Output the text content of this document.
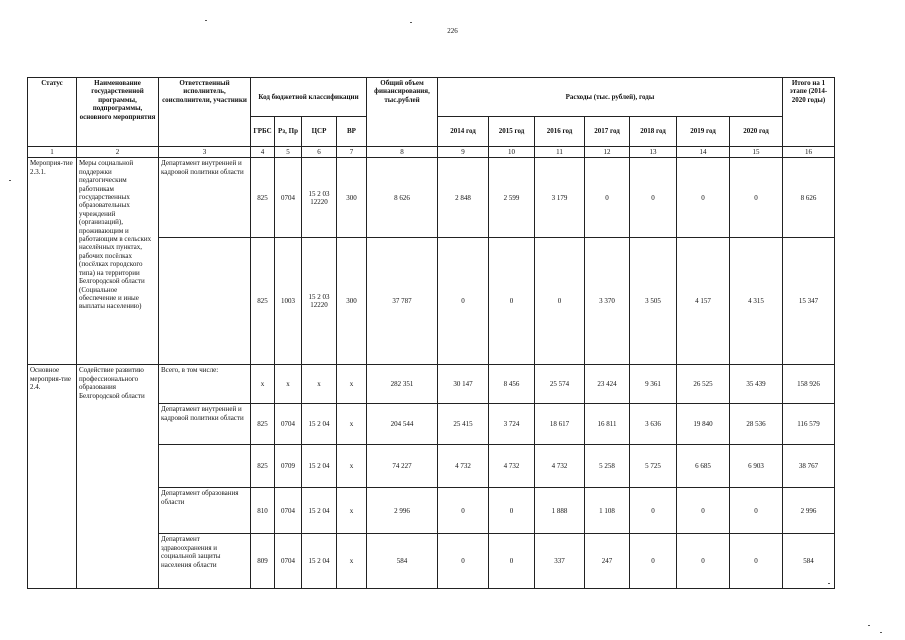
226
Статус	Наименование государственной программы, подпрограммы, основного мероприятия	Ответственный исполнитель, соисполнители, участники	Код бюджетной классификации				Общий объем финансирования, тыс.рублей	Расходы (тыс. рублей), годы							Итого на 1 этапе (2014-2020 годы)
			ГРБС	Рз, Пр	ЦСР	ВР		2014 год	2015 год	2016 год	2017 год	2018 год	2019 год	2020 год	
1	2	3	4	5	6	7	8	9	10	11	12	13	14	15	16
Мероприя-тие 2.3.1.	Меры социальной поддержки педагогическим работникам государственных образовательных учреждений (организаций), проживающим и работающим в сельских населённых пунктах, рабочих посёлках (посёлках городского типа) на территории Белгородской области (Социальное обеспечение и иные выплаты населению)	Департамент внутренней и кадровой политики области	825	0704	15 2 03 12220	300	8 626	2 848	2 599	3 179	0	0	0	0	8 626
			825	1003	15 2 03 12220	300	37 787	0	0	0	3 370	3 505	4 157	4 315	15 347
Основное мероприя-тие 2.4.	Содействие развитию профессионального образования Белгородской области	Всего, в том числе:	x	x	x	x	282 351	30 147	8 456	25 574	23 424	9 361	26 525	35 439	158 926
		Департамент внутренней и кадровой политики области	825	0704	15 2 04	x	204 544	25 415	3 724	18 617	16 811	3 636	19 840	28 536	116 579
			825	0709	15 2 04	x	74 227	4 732	4 732	4 732	5 258	5 725	6 685	6 903	38 767
		Департамент образования области	810	0704	15 2 04	x	2 996	0	0	1 888	1 108	0	0	0	2 996
		Департамент здравоохранения и социальной защиты населения области	809	0704	15 2 04	x	584	0	0	337	247	0	0	0	584
